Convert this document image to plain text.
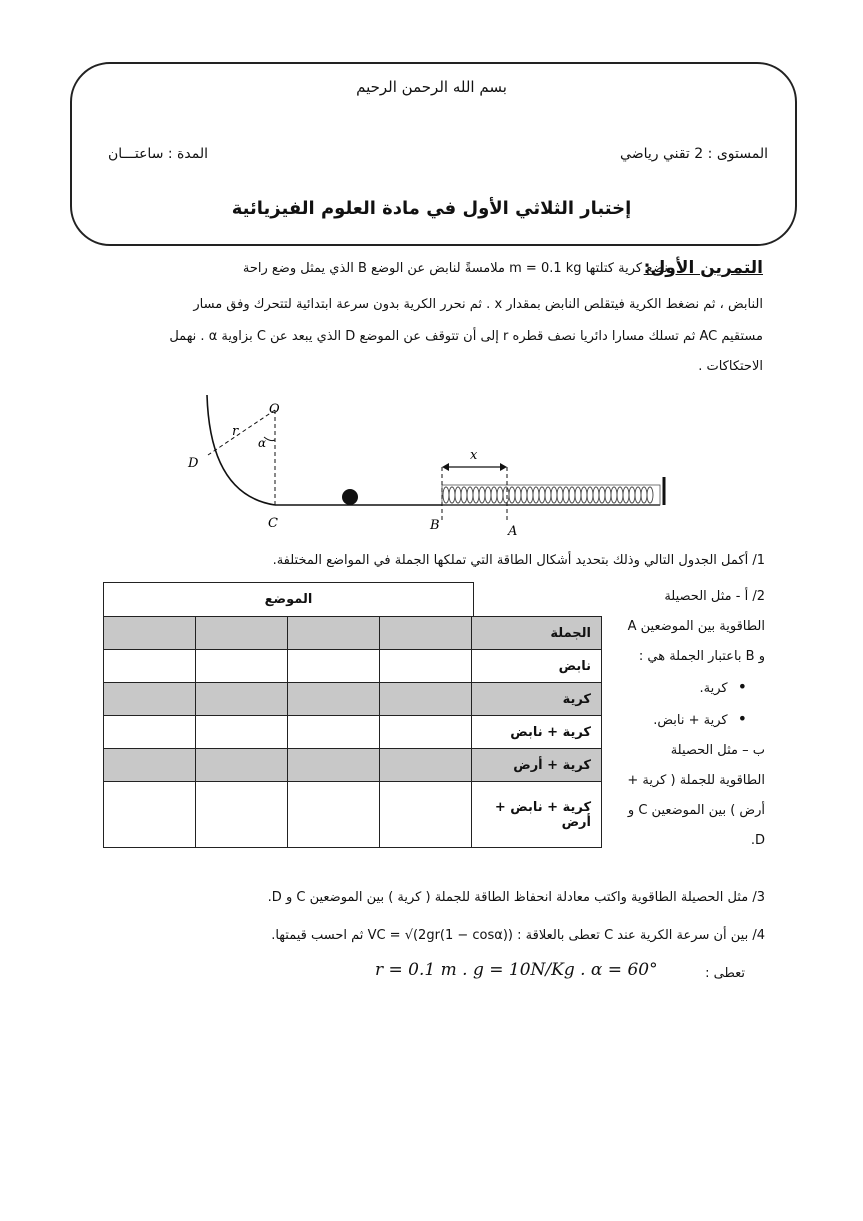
بسم الله الرحمن الرحيم
المستوى : 2 تقني رياضي
المدة : ساعتـــان
إختبار الثلاثي الأول في مادة العلوم الفيزيائية
التمرين الأول:
نضع كرية كتلتها m = 0.1 kg ملامسةً لنابض عن الوضع B الذي يمثل وضع راحة
النابض ، ثم نضغط الكرية فيتقلص النابض بمقدار x . ثم نحرر الكرية بدون سرعة ابتدائية لتتحرك وفق مسار
مستقيم AC ثم تسلك مسارا دائريا نصف قطره r إلى أن تتوقف عن الموضع D الذي يبعد عن C بزاوية α . نهمل
الاحتكاكات .
O
r
α
D
C
x
B	A
1/ أكمل الجدول التالي وذلك بتحديد أشكال الطاقة التي تملكها الجملة في المواضع المختلفة.
الموضع
				الجملة
				نابض
				كرية
				كرية + نابض
				كرية + أرض
				كرية + نابض + أرض
2/ أ - مثل الحصيلة الطاقوية بين الموضعين A و B باعتبار الجملة هي :
• كرية.
• كرية + نابض.
ب – مثل الحصيلة الطاقوية للجملة ( كرية + أرض ) بين الموضعين C و D.
3/ مثل الحصيلة الطاقوية واكتب معادلة انحفاظ الطاقة للجملة ( كرية ) بين الموضعين C و D.
4/ بين أن سرعة الكرية عند C تعطى بالعلاقة : VC = √(2gr(1 − cosα)) ثم احسب قيمتها.
تعطى :
r = 0.1 m . g = 10N/Kg . α = 60°
